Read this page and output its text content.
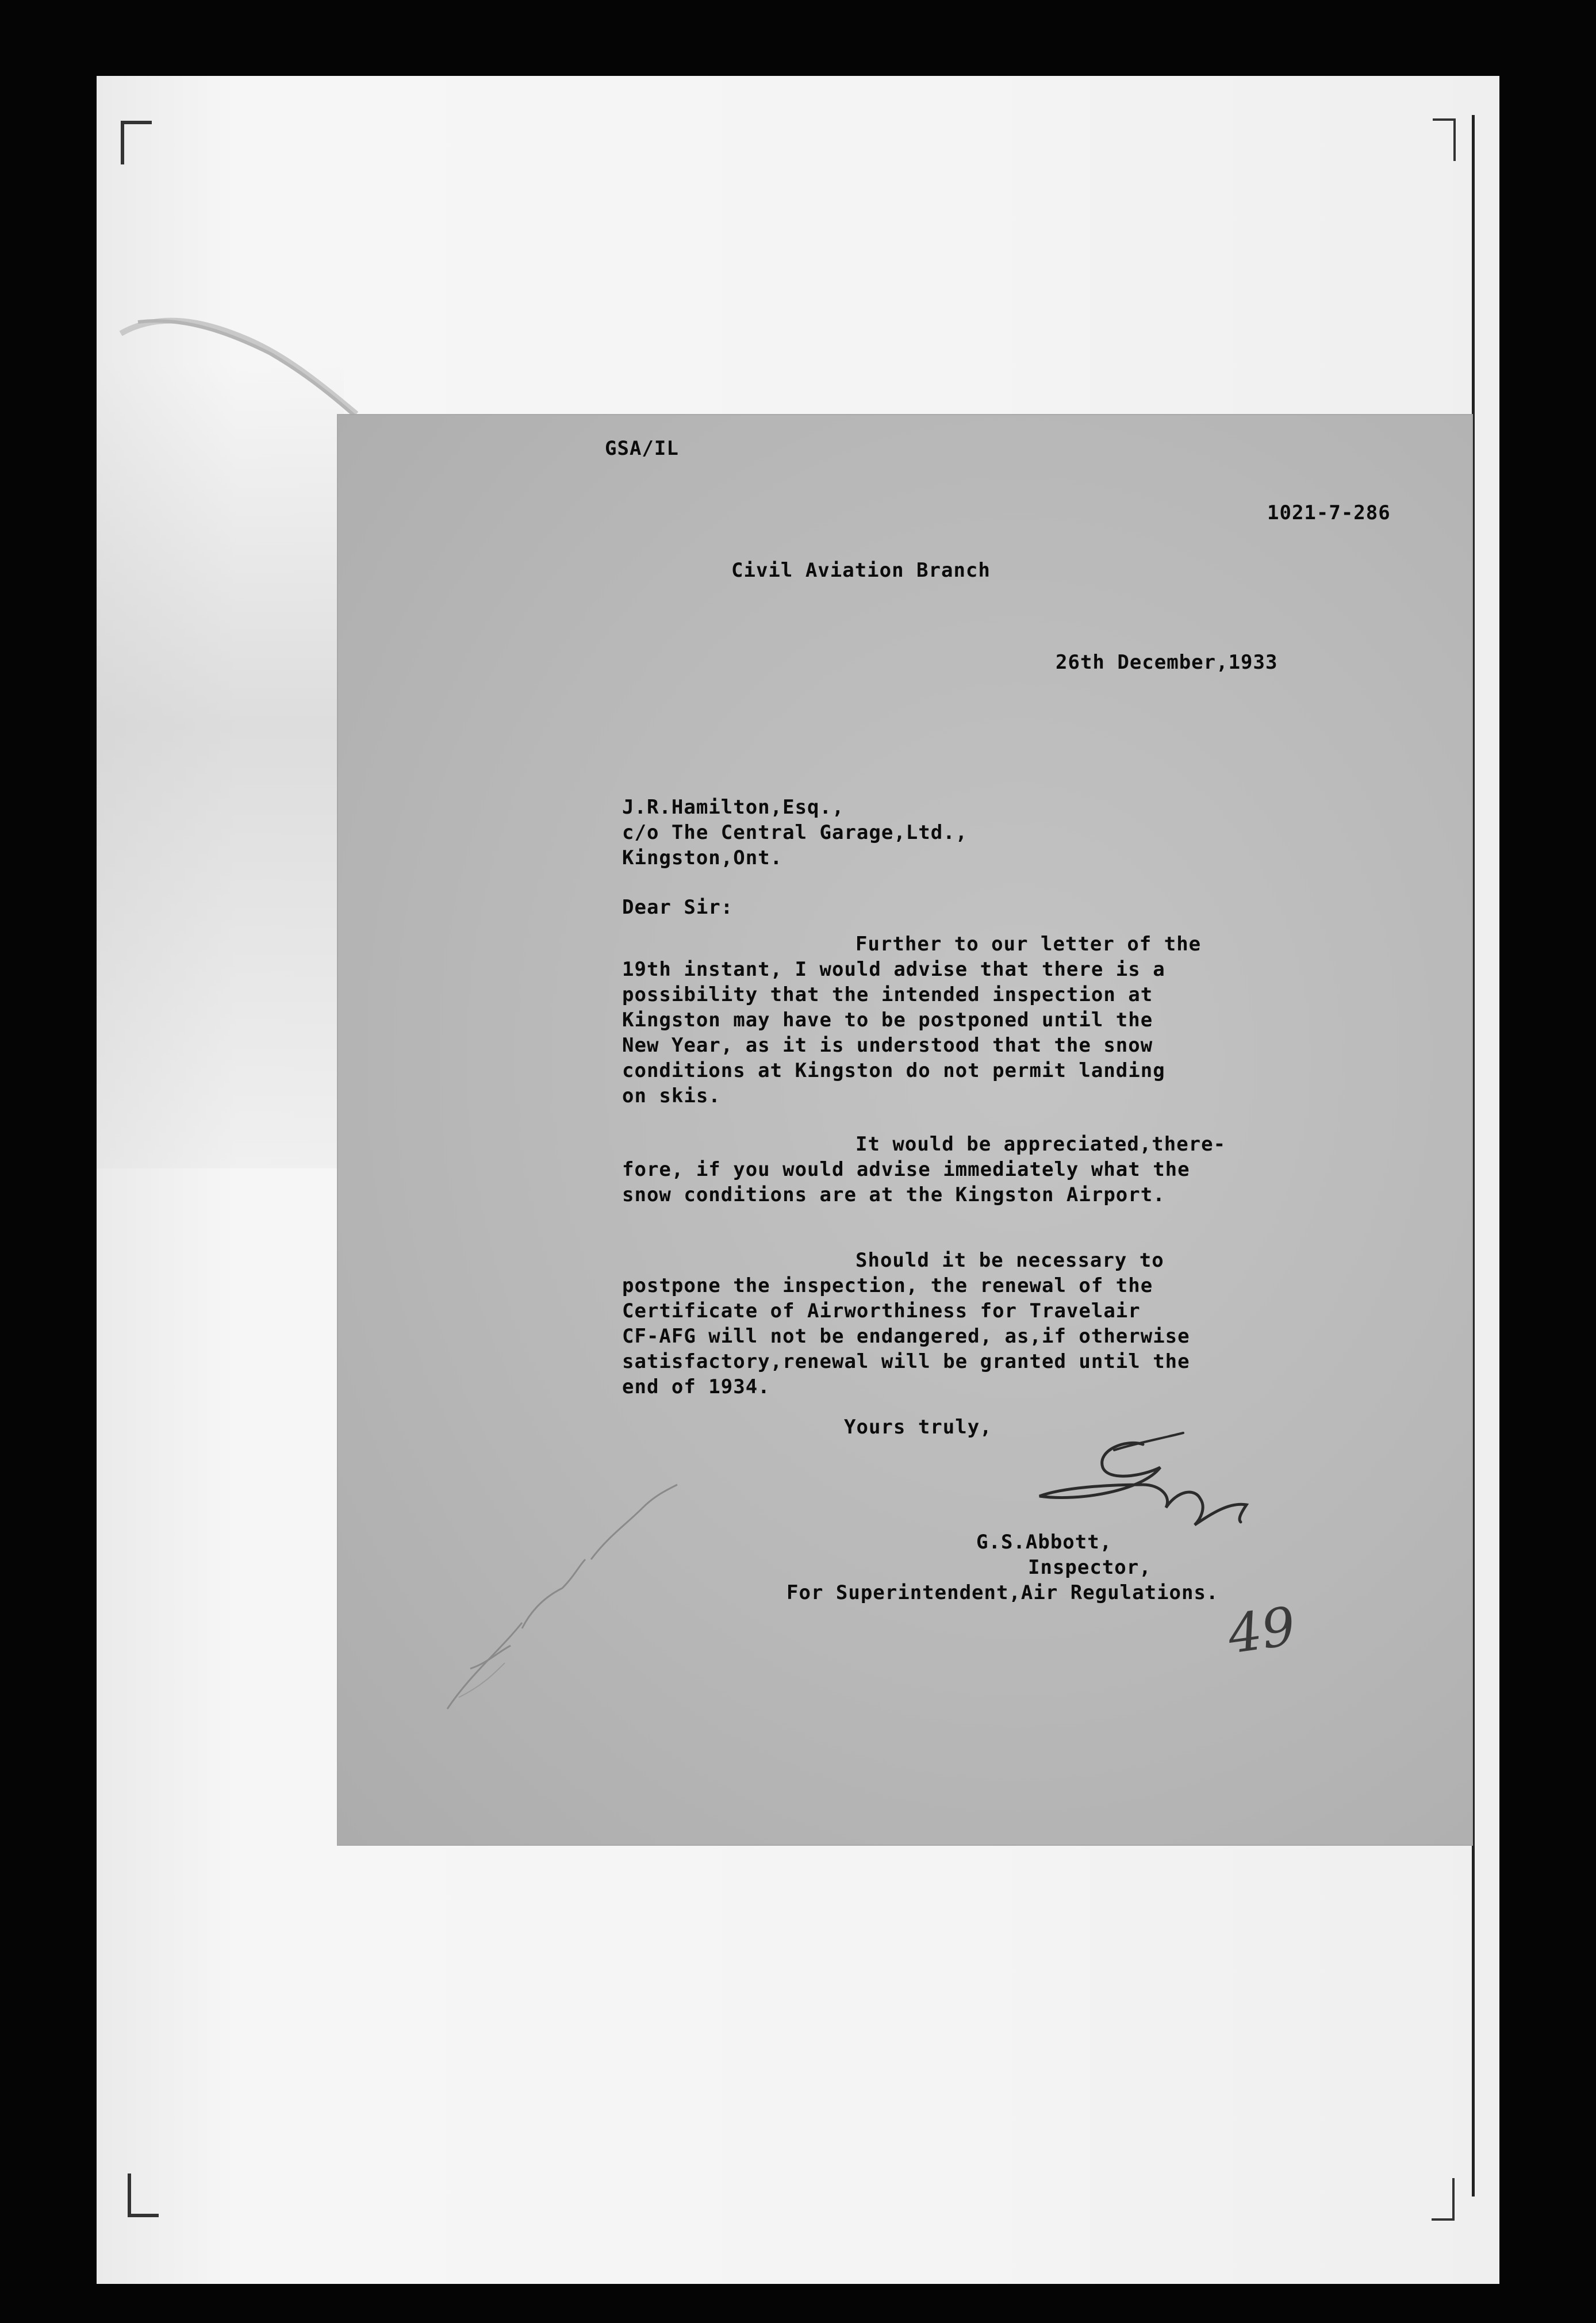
GSA/IL

1021-7-286

Civil Aviation Branch

26th December,1933

J.R.Hamilton,Esq.,

c/o The Central Garage,Ltd.,

Kingston,Ont.

Dear Sir:

Further to our letter of the

19th instant, I would advise that there is a

possibility that the intended inspection at

Kingston may have to be postponed until the

New Year, as it is understood that the snow

conditions at Kingston do not permit landing

on skis.

It would be appreciated,there-

fore, if you would advise immediately what the

snow conditions are at the Kingston Airport.

Should it be necessary to

postpone the inspection, the renewal of the

Certificate of Airworthiness for Travelair

CF-AFG will not be endangered, as,if otherwise

satisfactory,renewal will be granted until the

end of 1934.

Yours truly,

G.S.Abbott,

Inspector,

For Superintendent,Air Regulations.

49
